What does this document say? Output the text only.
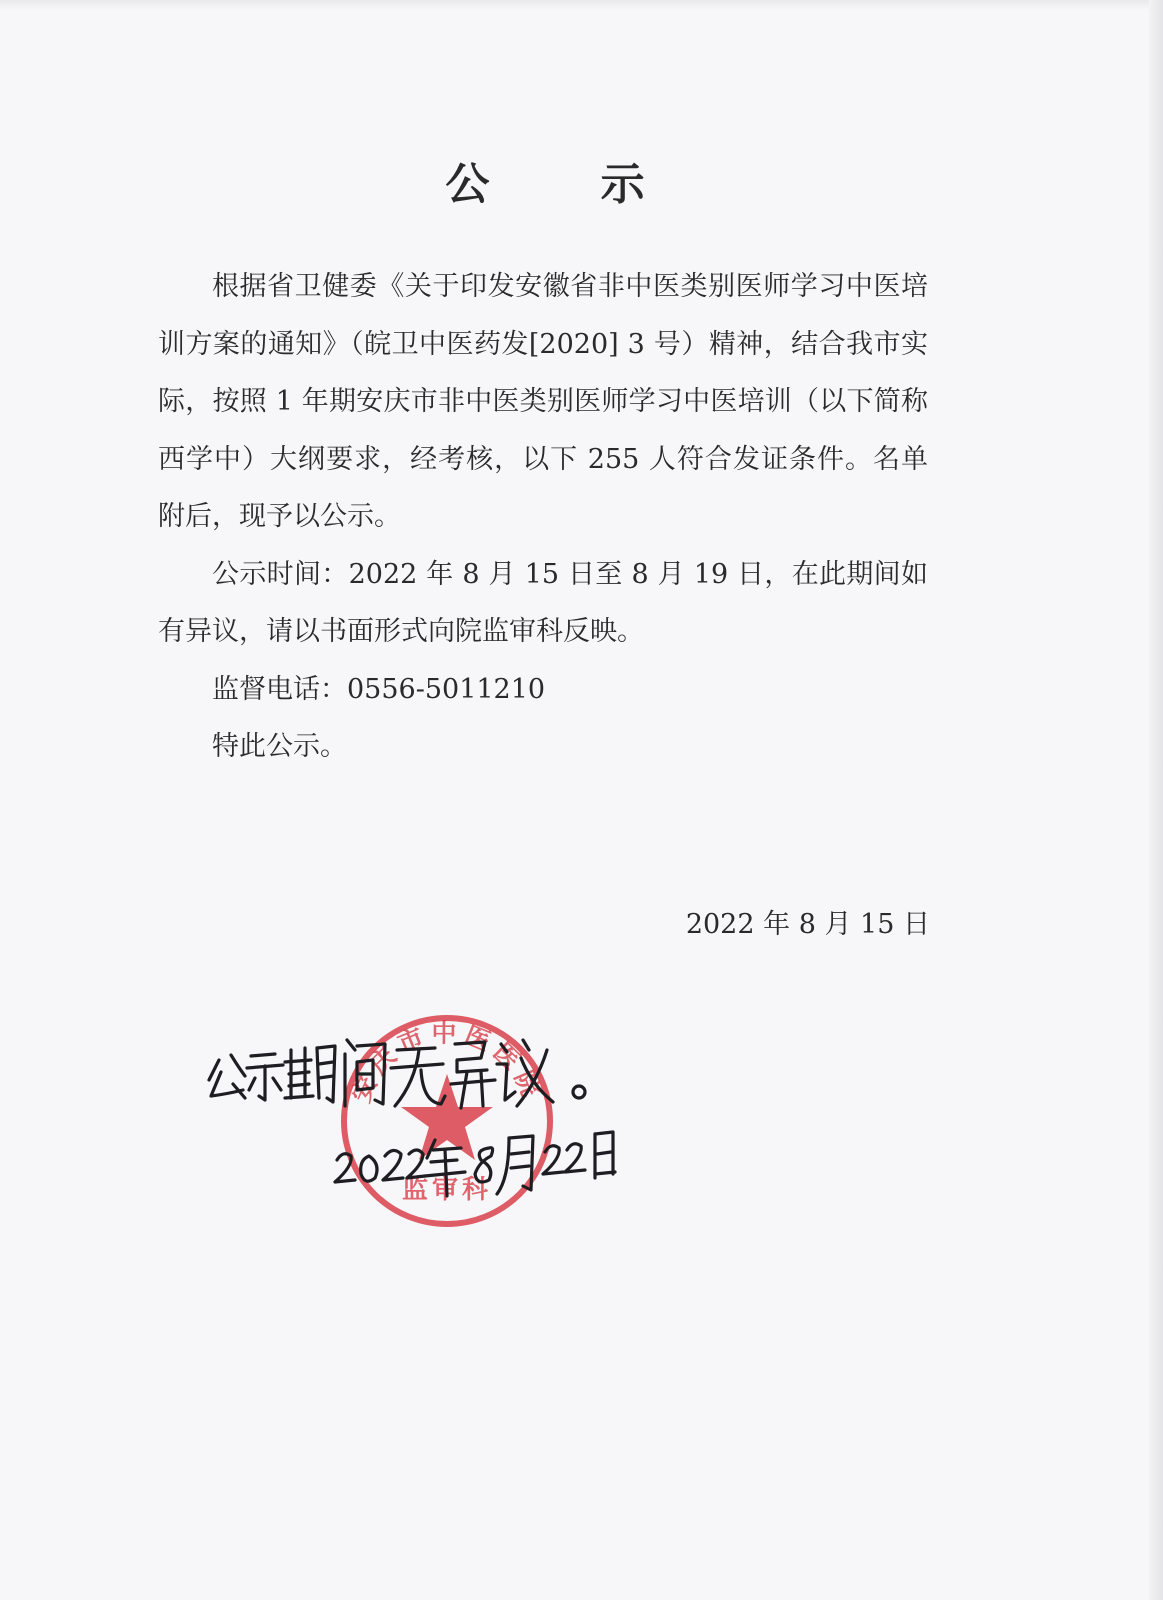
公 示

根据省卫健委《关于印发安徽省非中医类别医师学习中医培训方案的通知》（皖卫中医药发[2020] 3 号）精神，结合我市实际，按照 1 年期安庆市非中医类别医师学习中医培训（以下简称西学中）大纲要求，经考核，以下 255 人符合发证条件。名单附后，现予以公示。

公示时间：2022 年 8 月 15 日至 8 月 19 日，在此期间如有异议，请以书面形式向院监审科反映。

监督电话：0556-5011210

特此公示。

2022 年 8 月 15 日
安庆市中医医院
监审科
